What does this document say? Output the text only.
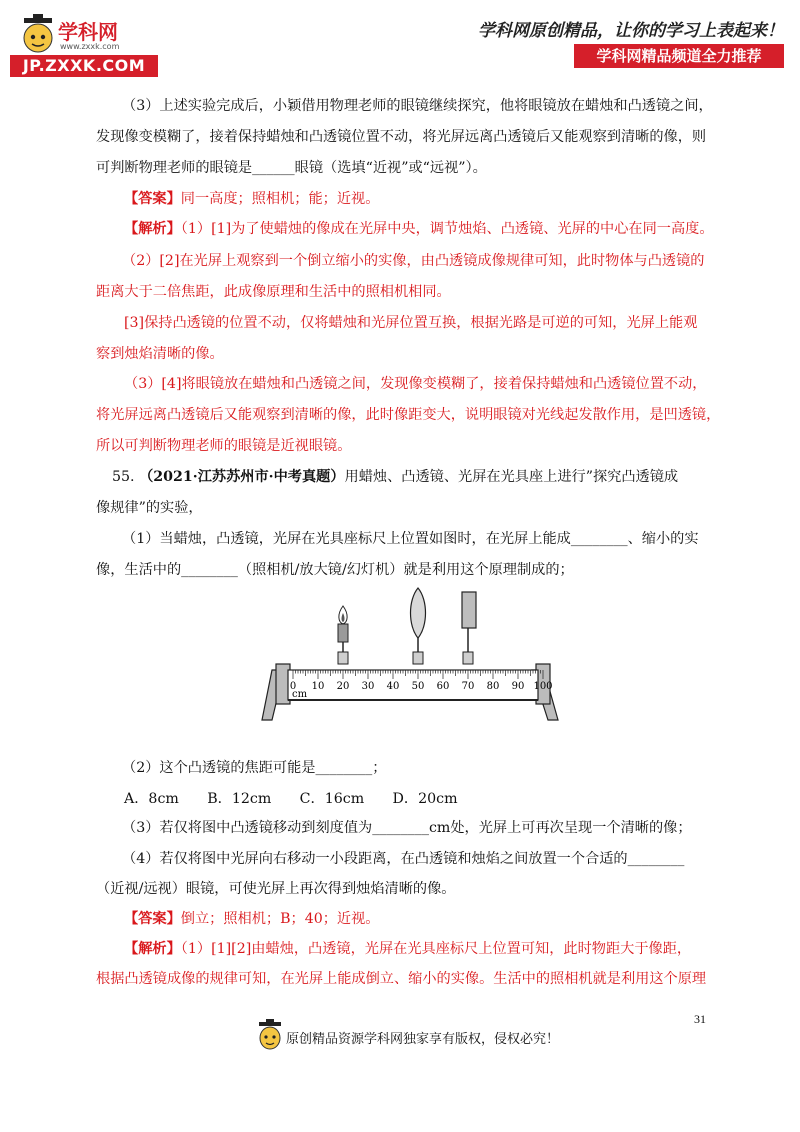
学科网
www.zxxk.com
JP.ZXXK.COM
学科网原创精品，让你的学习上表起来！
学科网精品频道全力推荐
（3）上述实验完成后，小颖借用物理老师的眼镜继续探究，他将眼镜放在蜡烛和凸透镜之间，
发现像变模糊了，接着保持蜡烛和凸透镜位置不动，将光屏远离凸透镜后又能观察到清晰的像，则
可判断物理老师的眼镜是______眼镜（选填“近视”或“远视”）。
【答案】同一高度；照相机；能；近视。
【解析】（1）[1]为了使蜡烛的像成在光屏中央，调节烛焰、凸透镜、光屏的中心在同一高度。
（2）[2]在光屏上观察到一个倒立缩小的实像，由凸透镜成像规律可知，此时物体与凸透镜的
距离大于二倍焦距，此成像原理和生活中的照相机相同。
[3]保持凸透镜的位置不动，仅将蜡烛和光屏位置互换，根据光路是可逆的可知，光屏上能观
察到烛焰清晰的像。
（3）[4]将眼镜放在蜡烛和凸透镜之间，发现像变模糊了，接着保持蜡烛和凸透镜位置不动，
将光屏远离凸透镜后又能观察到清晰的像，此时像距变大，说明眼镜对光线起发散作用，是凹透镜，
所以可判断物理老师的眼镜是近视眼镜。
55. （2021·江苏苏州市·中考真题）用蜡烛、凸透镜、光屏在光具座上进行”探究凸透镜成
像规律”的实验，
（1）当蜡烛，凸透镜，光屏在光具座标尺上位置如图时，在光屏上能成________、缩小的实
像，生活中的________（照相机/放大镜/幻灯机）就是利用这个原理制成的；
0 10 20 30 40 50 60 70 80 90 100
cm
（2）这个凸透镜的焦距可能是________；
A．8cm　　B．12cm　　C．16cm　　D．20cm
（3）若仅将图中凸透镜移动到刻度值为________cm处，光屏上可再次呈现一个清晰的像；
（4）若仅将图中光屏向右移动一小段距离，在凸透镜和烛焰之间放置一个合适的________
（近视/远视）眼镜，可使光屏上再次得到烛焰清晰的像。
【答案】倒立；照相机；B；40；近视。
【解析】（1）[1][2]由蜡烛，凸透镜，光屏在光具座标尺上位置可知，此时物距大于像距，
根据凸透镜成像的规律可知，在光屏上能成倒立、缩小的实像。生活中的照相机就是利用这个原理
31
原创精品资源学科网独家享有版权，侵权必究！
